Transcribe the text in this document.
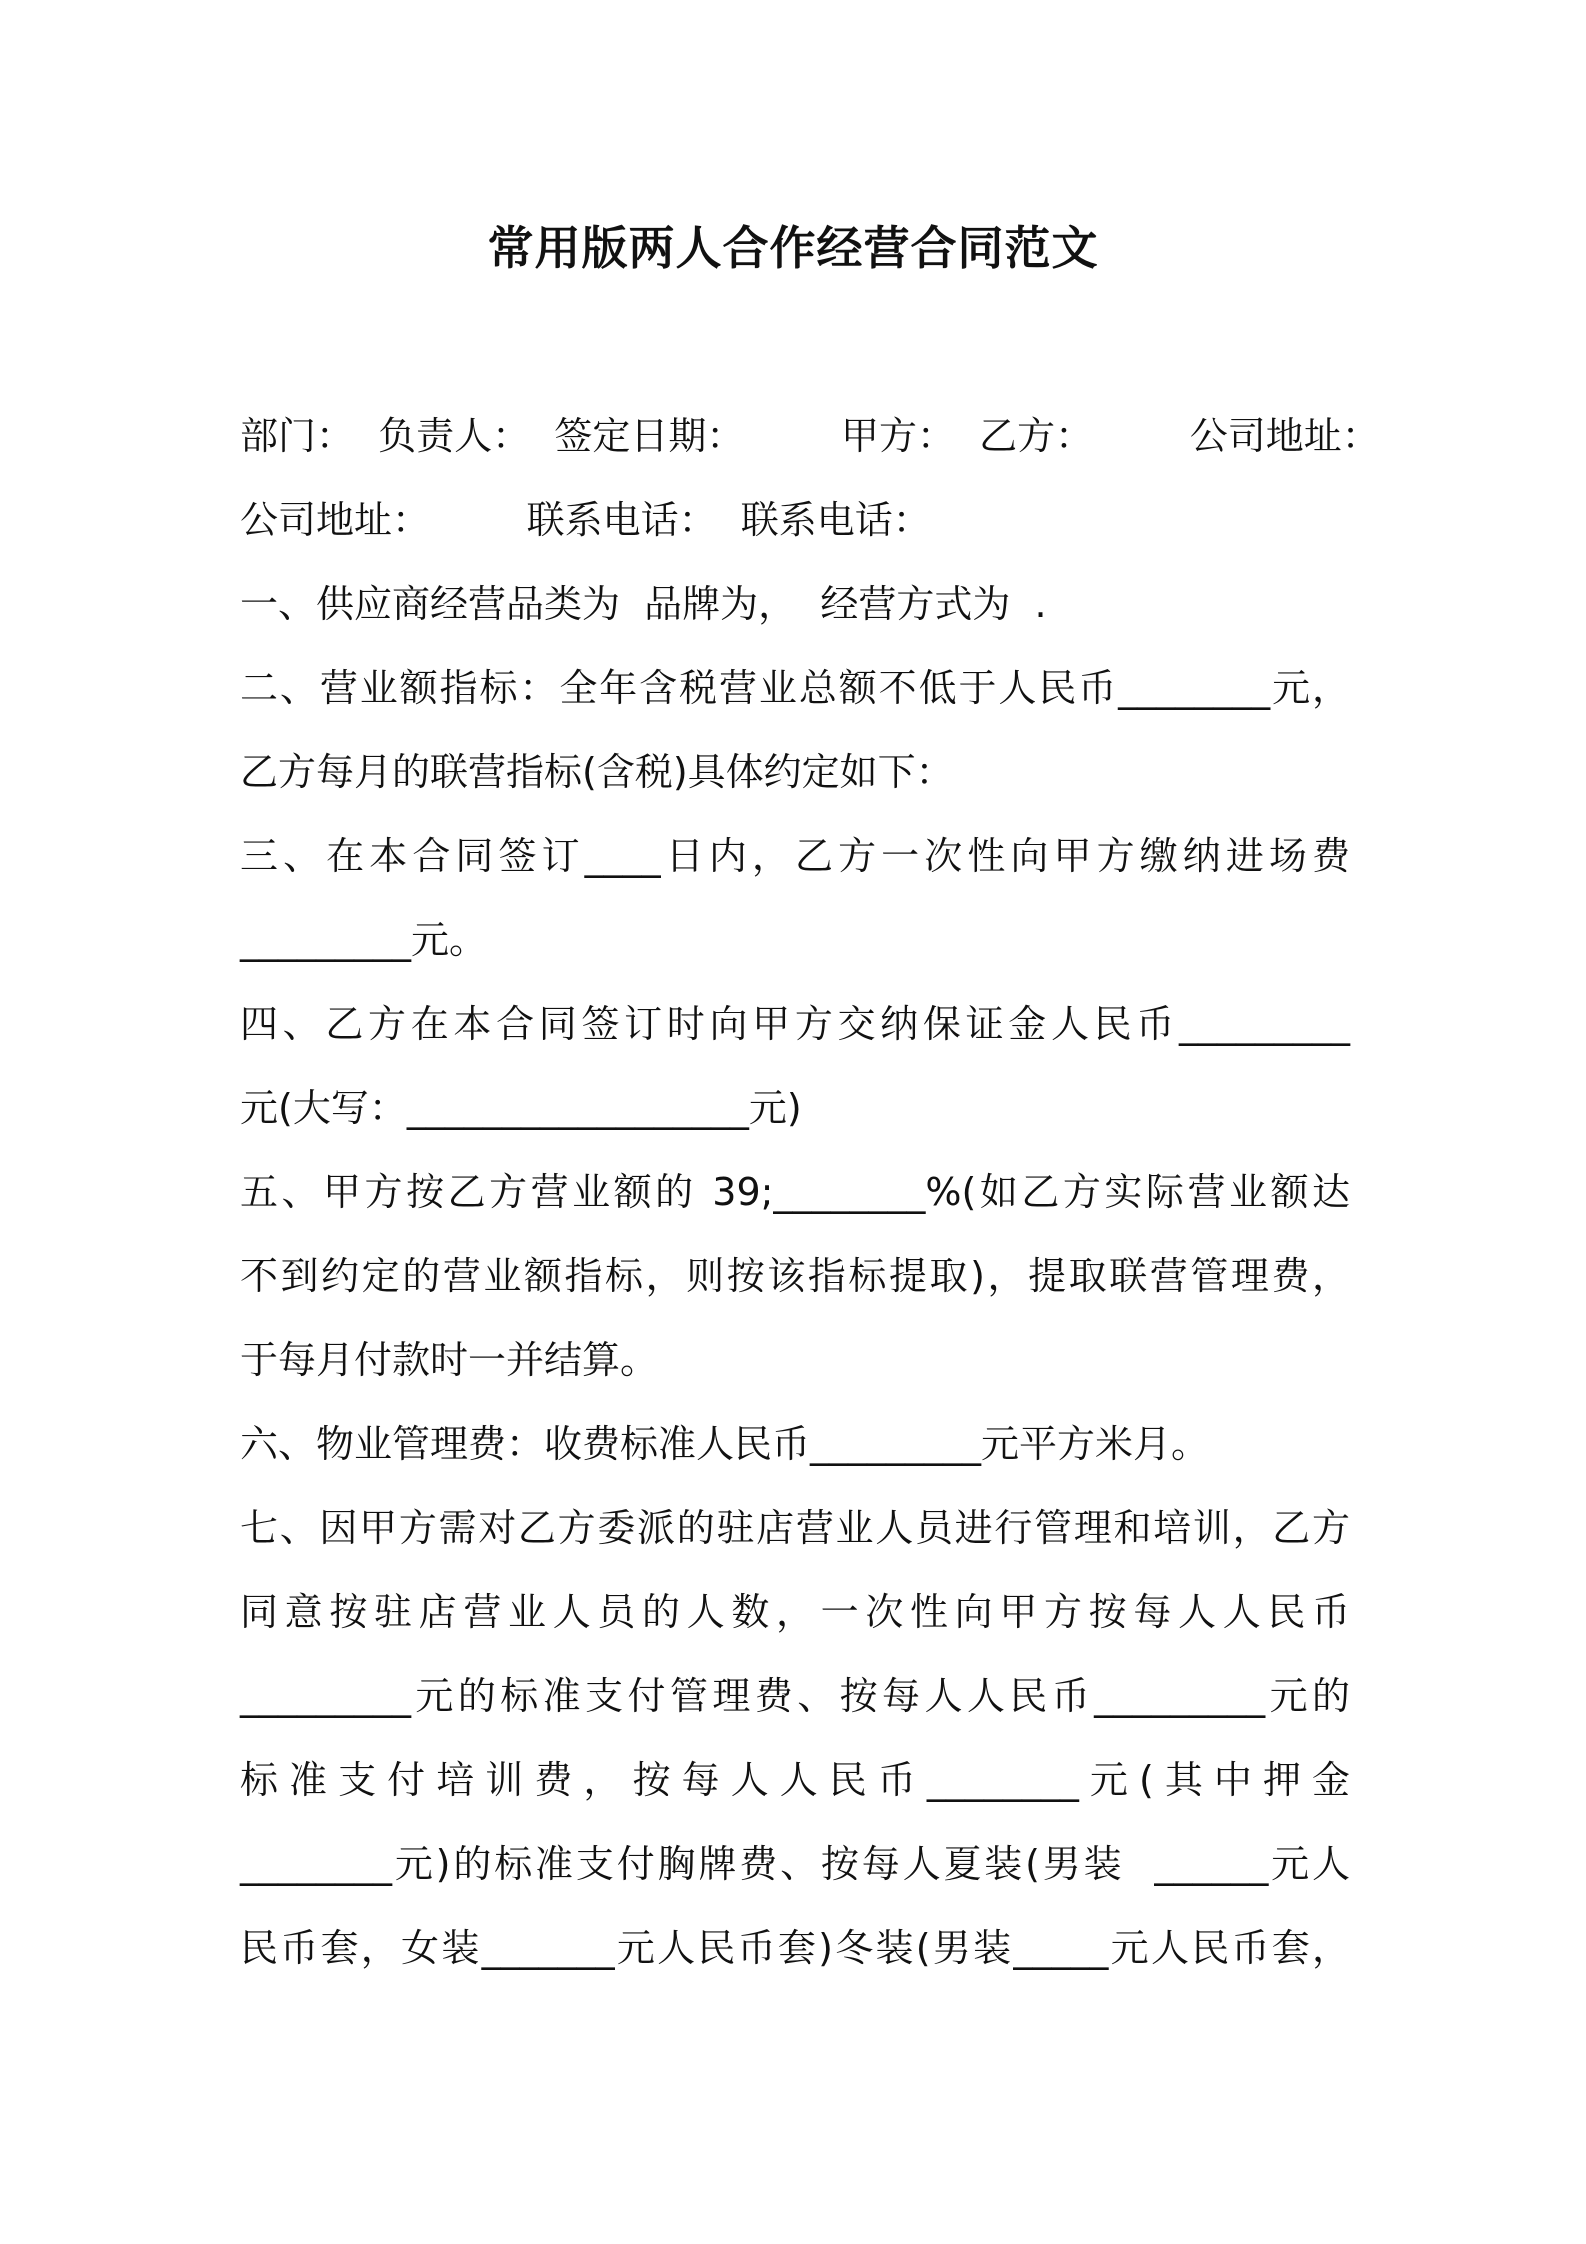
常用版两人合作经营合同范文
部门：  负责人：  签定日期：        甲方：  乙方：        公司地址：
公司地址：        联系电话：  联系电话：
一、供应商经营品类为  品牌为，  经营方式为  .
二、营业额指标：全年含税营业总额不低于人民币________元，
乙方每月的联营指标(含税)具体约定如下：
三、在本合同签订____日内，乙方一次性向甲方缴纳进场费
_________元。
四、乙方在本合同签订时向甲方交纳保证金人民币_________
元(大写：__________________元)
五、甲方按乙方营业额的 39;________%(如乙方实际营业额达
不到约定的营业额指标，则按该指标提取)，提取联营管理费，
于每月付款时一并结算。
六、物业管理费：收费标准人民币_________元平方米月。
七、因甲方需对乙方委派的驻店营业人员进行管理和培训，乙方
同意按驻店营业人员的人数，一次性向甲方按每人人民币
_________元的标准支付管理费、按每人人民币_________元的
标准支付培训费，按每人人民币________元(其中押金
________元)的标准支付胸牌费、按每人夏装(男装  ______元人
民币套，女装_______元人民币套)冬装(男装_____元人民币套，
